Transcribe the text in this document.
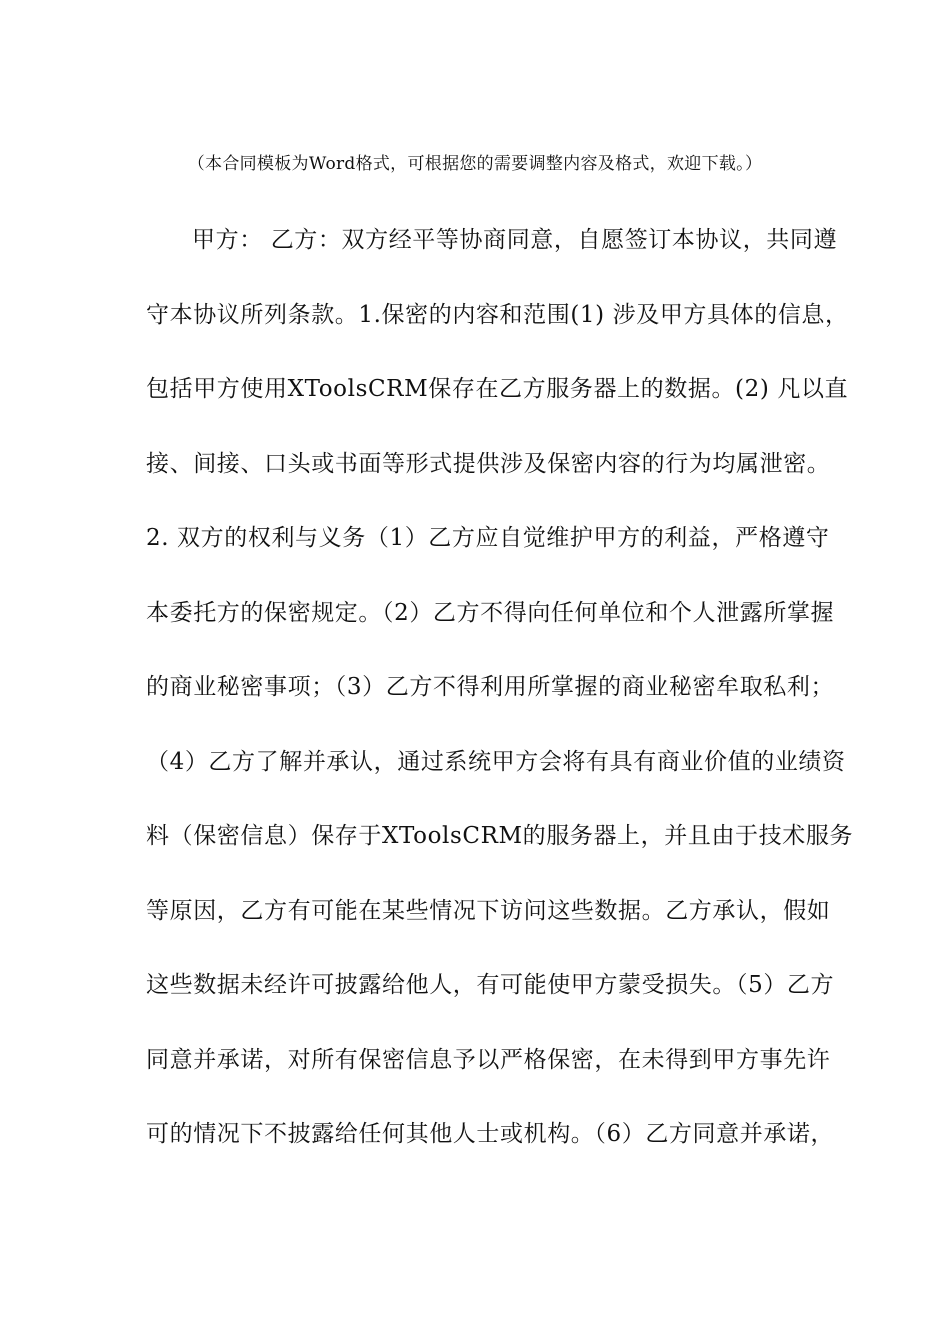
（本合同模板为Word格式，可根据您的需要调整内容及格式，欢迎下载。）
甲方： 乙方：双方经平等协商同意，自愿签订本协议，共同遵
守本协议所列条款。1.保密的内容和范围(1) 涉及甲方具体的信息，
包括甲方使用XToolsCRM保存在乙方服务器上的数据。(2) 凡以直
接、间接、口头或书面等形式提供涉及保密内容的行为均属泄密。
2. 双方的权利与义务（1）乙方应自觉维护甲方的利益，严格遵守
本委托方的保密规定。（2）乙方不得向任何单位和个人泄露所掌握
的商业秘密事项；（3）乙方不得利用所掌握的商业秘密牟取私利；
（4）乙方了解并承认，通过系统甲方会将有具有商业价值的业绩资
料（保密信息）保存于XToolsCRM的服务器上，并且由于技术服务
等原因，乙方有可能在某些情况下访问这些数据。乙方承认，假如
这些数据未经许可披露给他人，有可能使甲方蒙受损失。（5）乙方
同意并承诺，对所有保密信息予以严格保密，在未得到甲方事先许
可的情况下不披露给任何其他人士或机构。（6）乙方同意并承诺，
